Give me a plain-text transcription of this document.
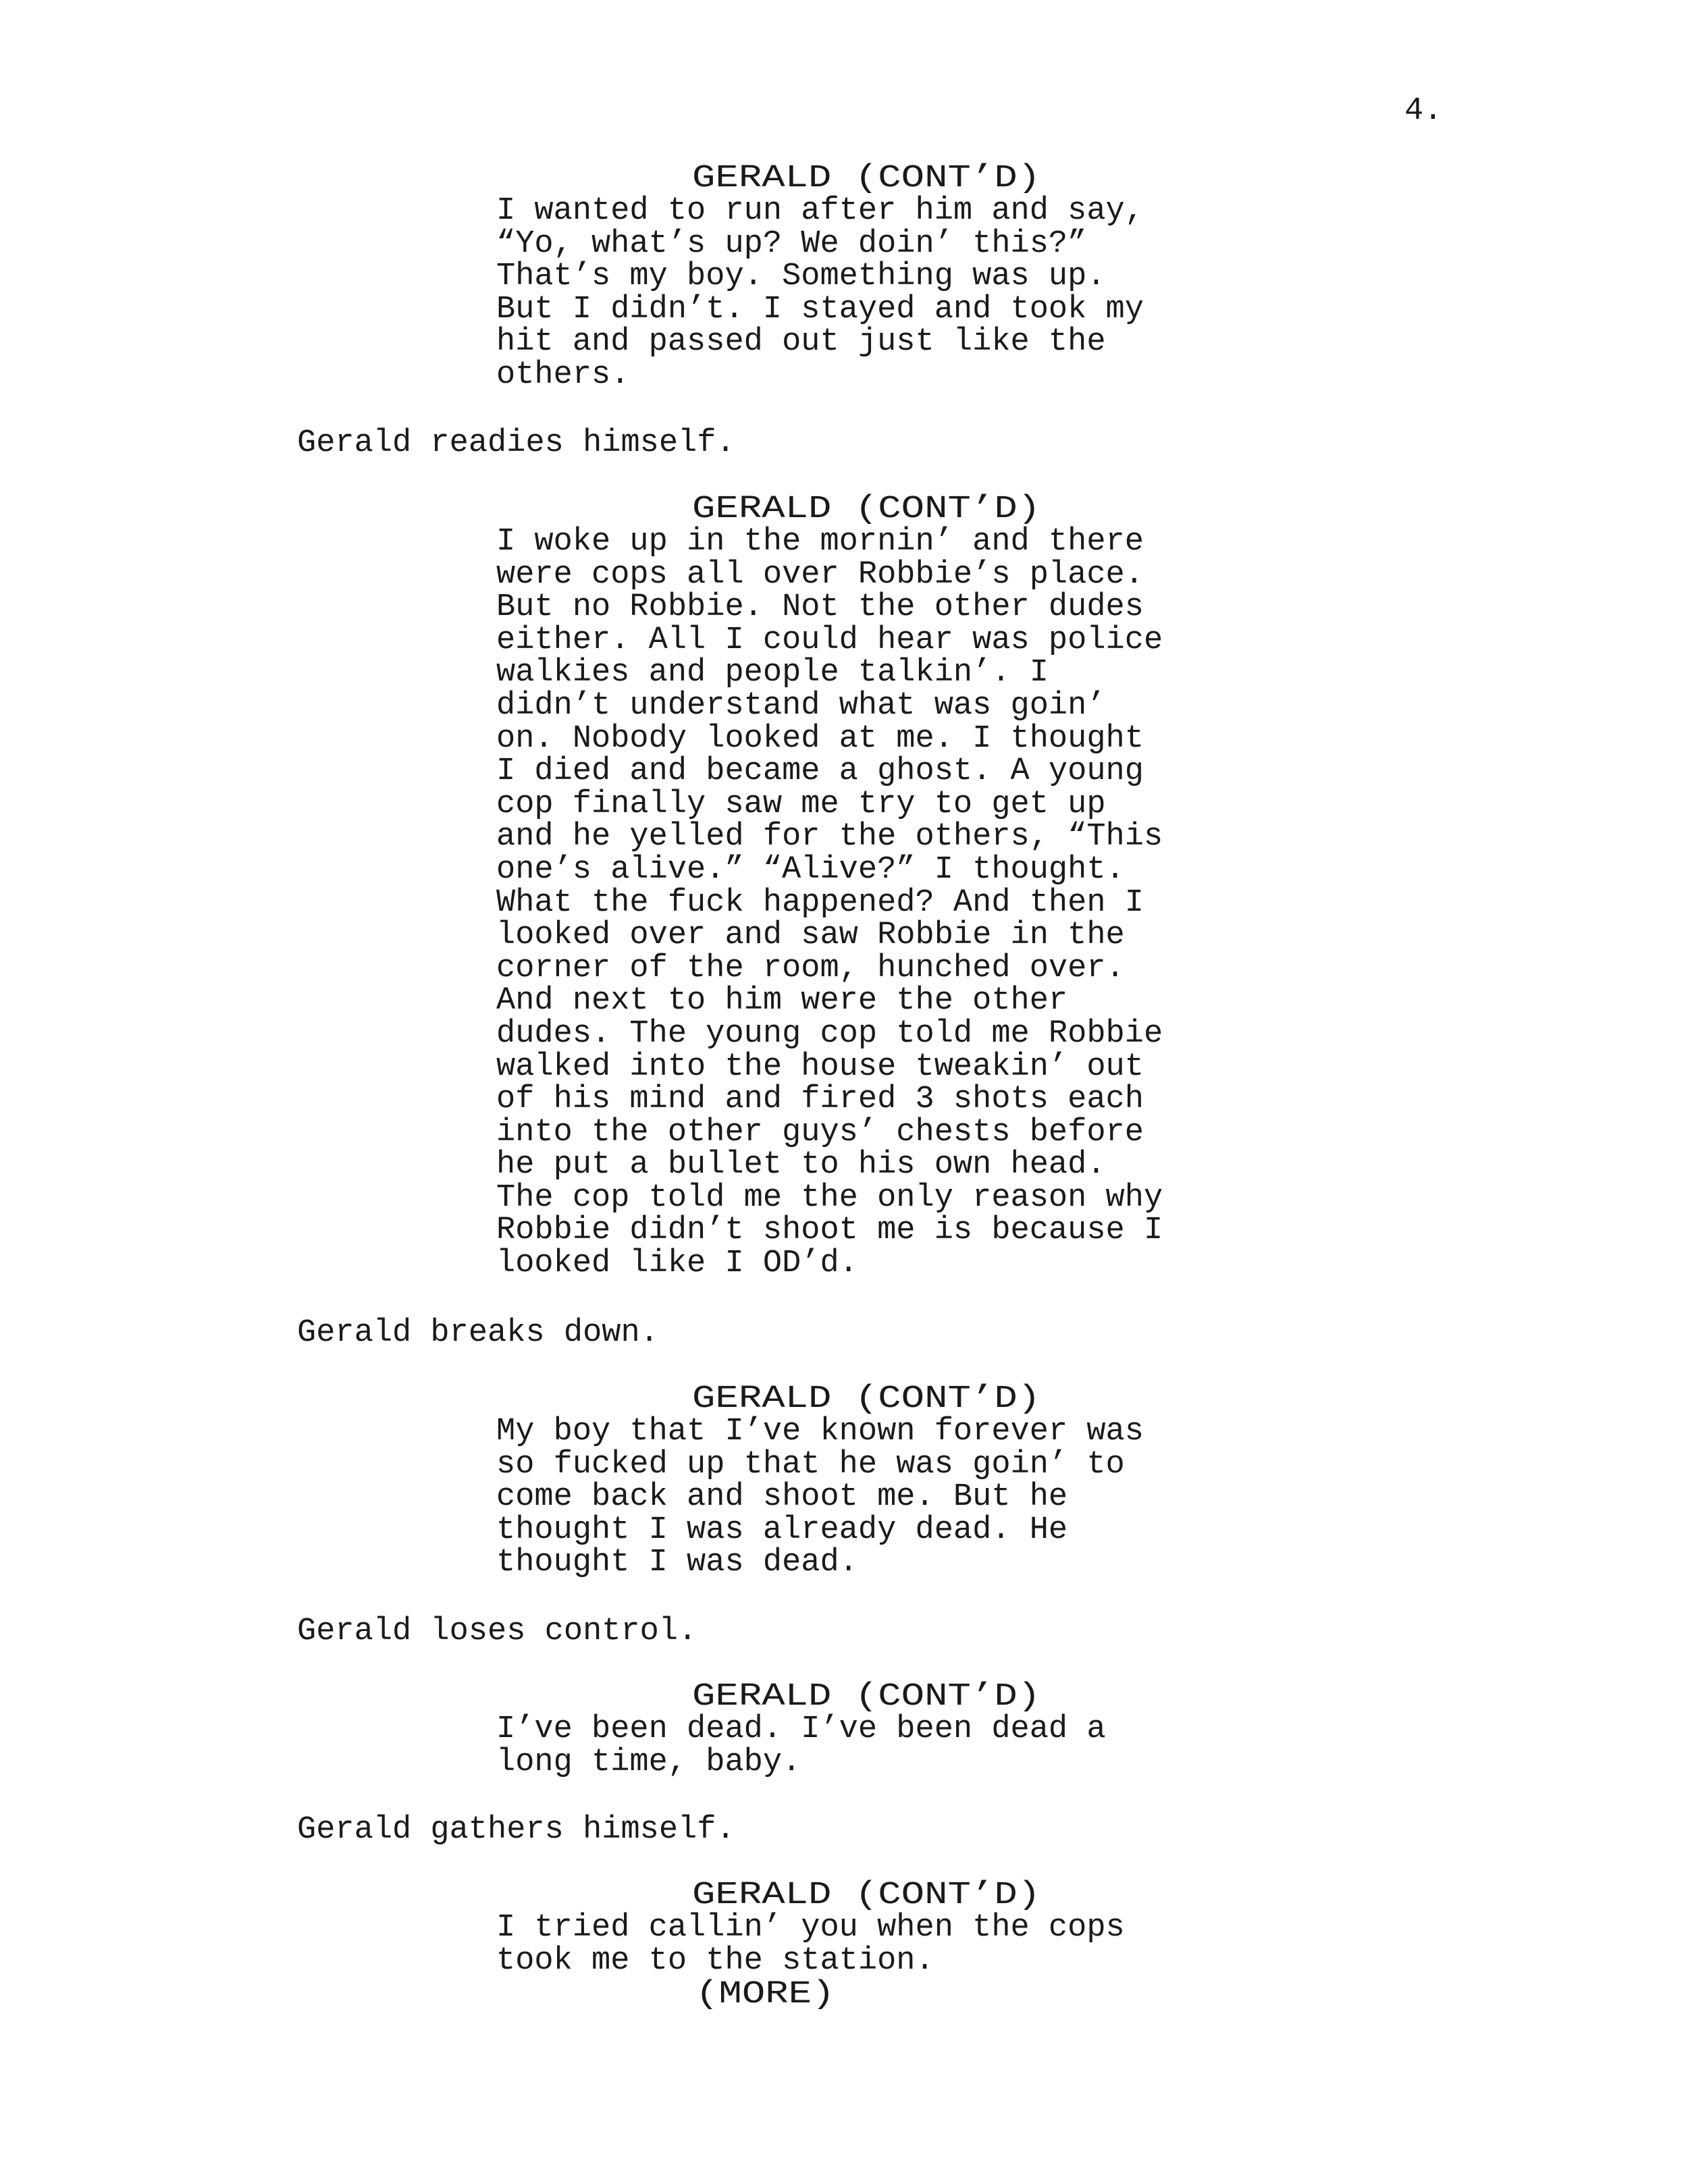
4.
GERALD (CONT’D)
I wanted to run after him and say,
“Yo, what’s up? We doin’ this?”
That’s my boy. Something was up.
But I didn’t. I stayed and took my
hit and passed out just like the
others.
Gerald readies himself.
GERALD (CONT’D)
I woke up in the mornin’ and there
were cops all over Robbie’s place.
But no Robbie. Not the other dudes
either. All I could hear was police
walkies and people talkin’. I
didn’t understand what was goin’
on. Nobody looked at me. I thought
I died and became a ghost. A young
cop finally saw me try to get up
and he yelled for the others, “This
one’s alive.” “Alive?” I thought.
What the fuck happened? And then I
looked over and saw Robbie in the
corner of the room, hunched over.
And next to him were the other
dudes. The young cop told me Robbie
walked into the house tweakin’ out
of his mind and fired 3 shots each
into the other guys’ chests before
he put a bullet to his own head.
The cop told me the only reason why
Robbie didn’t shoot me is because I
looked like I OD’d.
Gerald breaks down.
GERALD (CONT’D)
My boy that I’ve known forever was
so fucked up that he was goin’ to
come back and shoot me. But he
thought I was already dead. He
thought I was dead.
Gerald loses control.
GERALD (CONT’D)
I’ve been dead. I’ve been dead a
long time, baby.
Gerald gathers himself.
GERALD (CONT’D)
I tried callin’ you when the cops
took me to the station.
(MORE)
